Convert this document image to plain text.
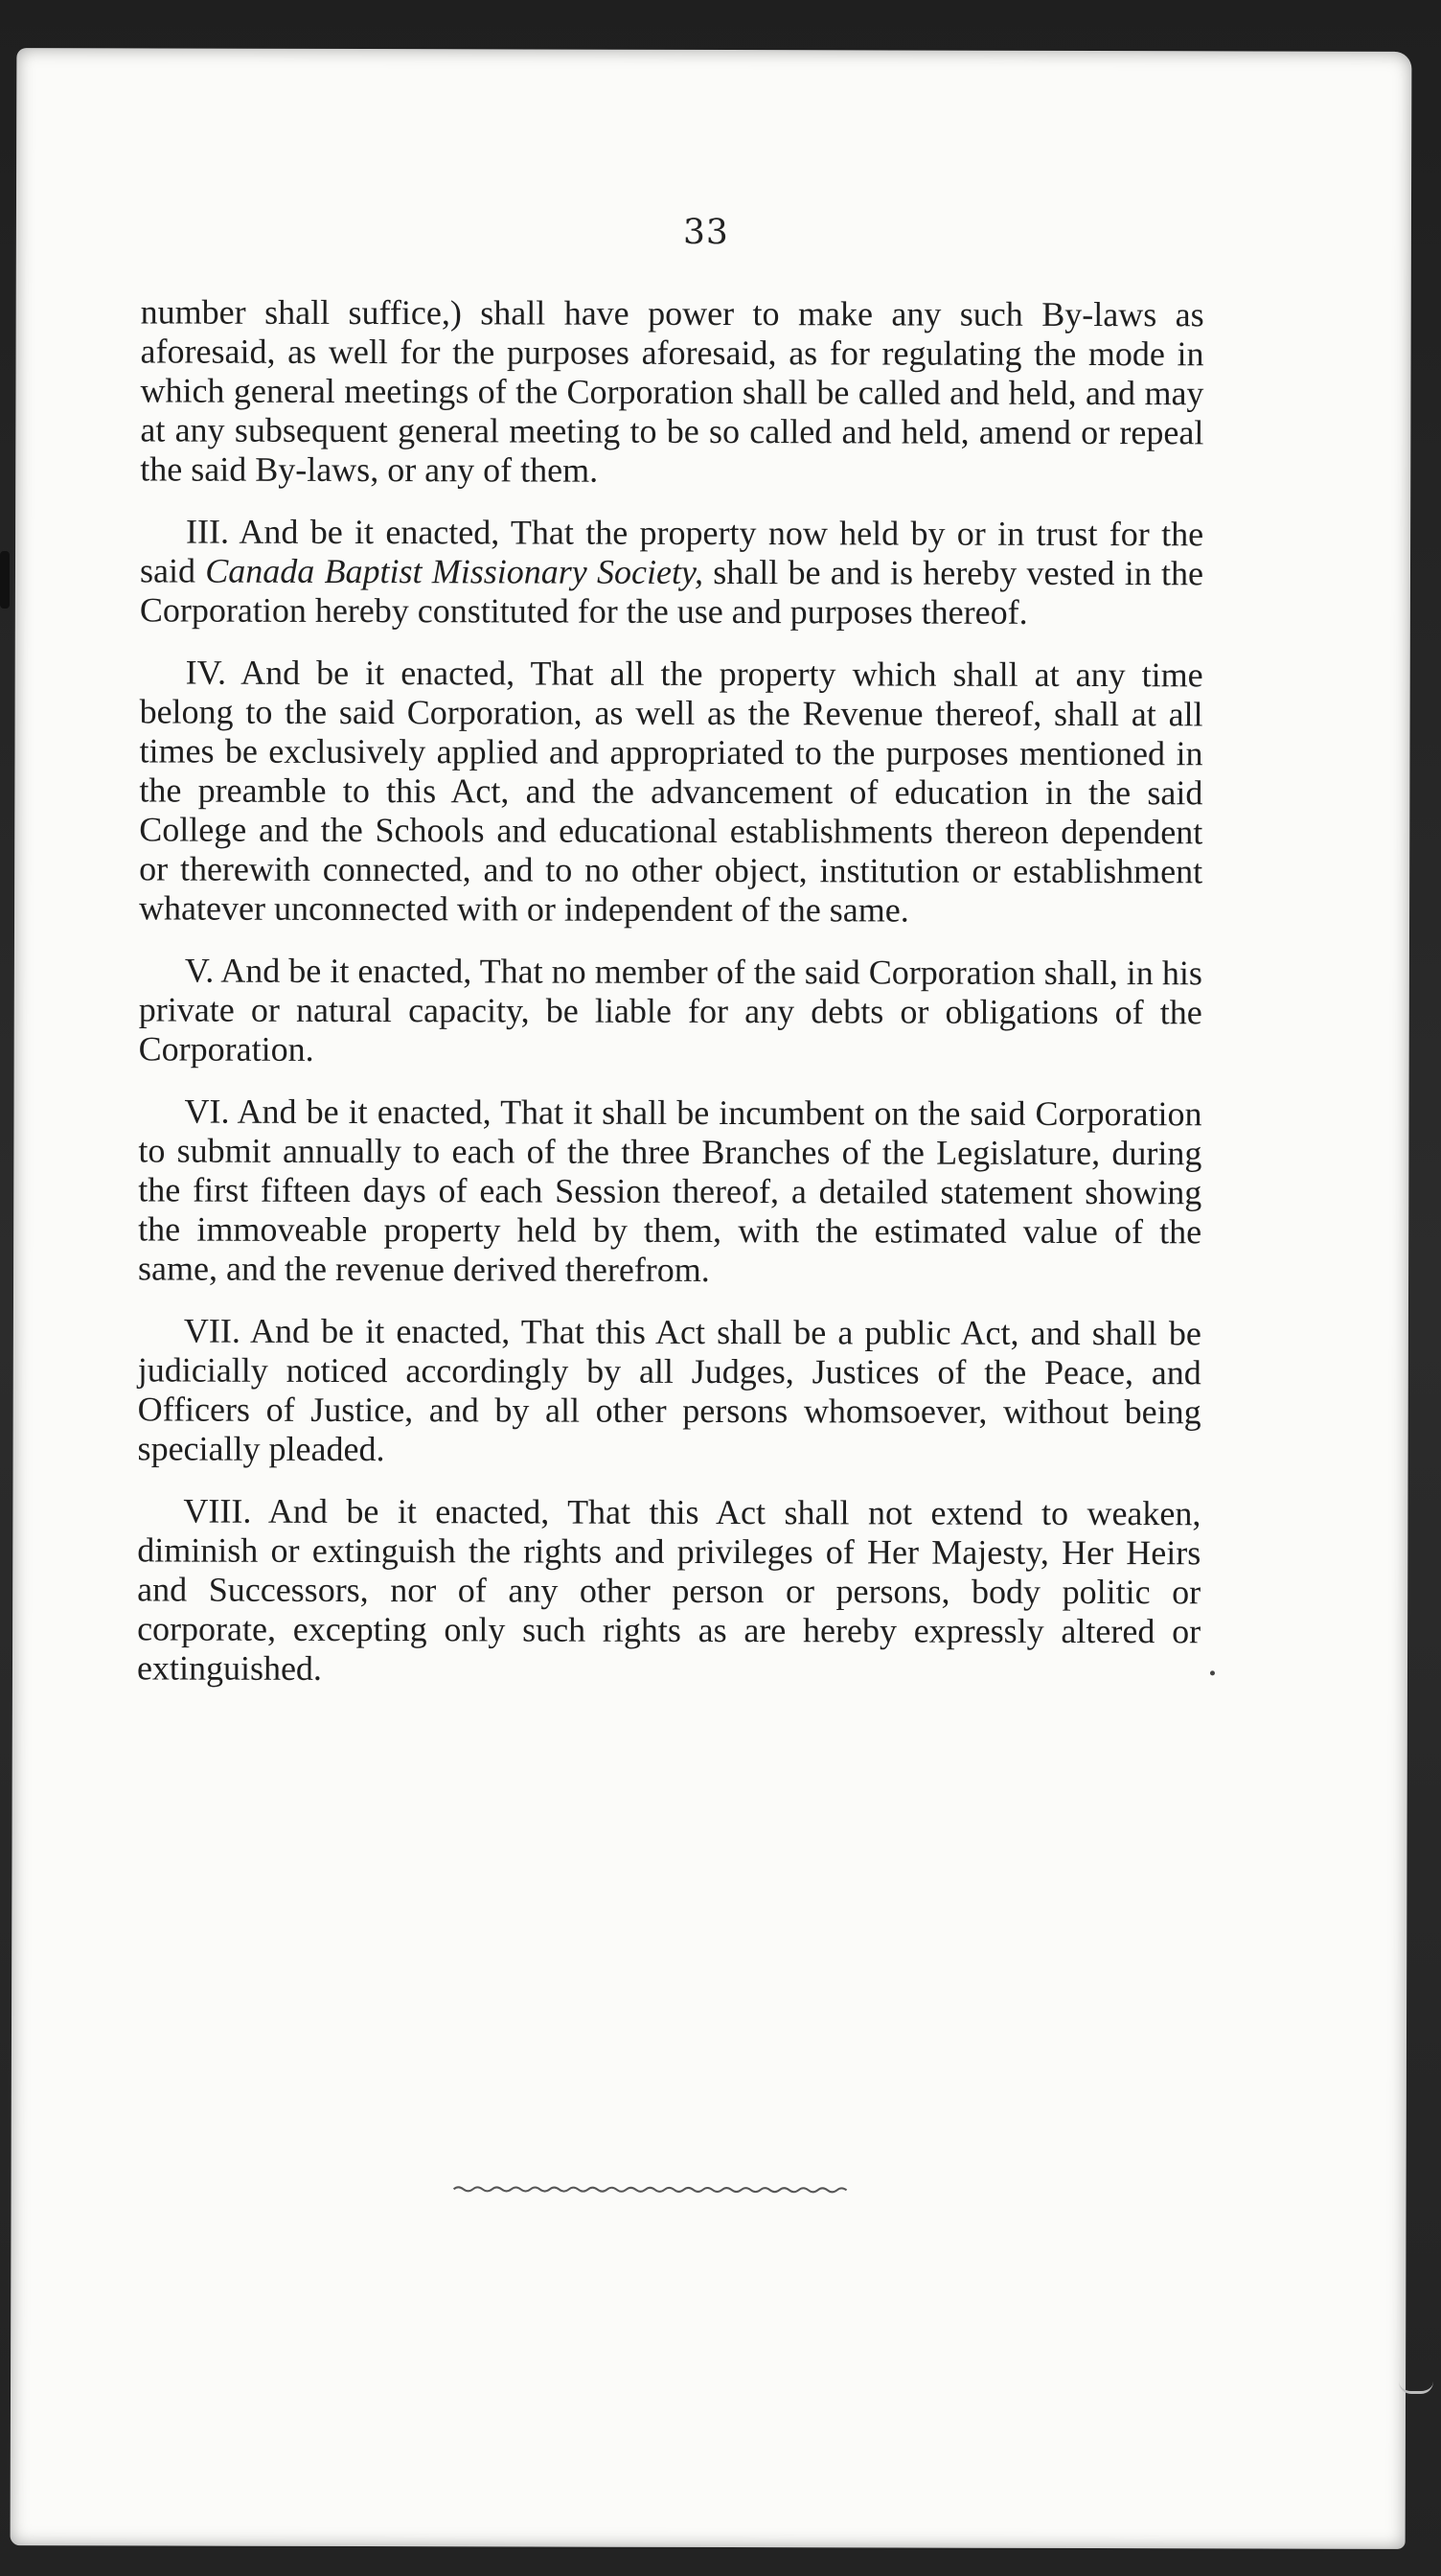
33

number shall suffice,) shall have power to make any such By-laws as aforesaid, as well for the purposes aforesaid, as for regulating the mode in which general meetings of the Corporation shall be called and held, and may at any subsequent general meeting to be so called and held, amend or repeal the said By-laws, or any of them.

III. And be it enacted, That the property now held by or in trust for the said Canada Baptist Missionary Society, shall be and is hereby vested in the Corporation hereby constituted for the use and purposes thereof.

IV. And be it enacted, That all the property which shall at any time belong to the said Corporation, as well as the Revenue thereof, shall at all times be exclusively applied and appropriated to the purposes mentioned in the preamble to this Act, and the advancement of education in the said College and the Schools and educational establishments thereon dependent or therewith connected, and to no other object, institution or establishment whatever unconnected with or independent of the same.

V. And be it enacted, That no member of the said Corporation shall, in his private or natural capacity, be liable for any debts or obligations of the Corporation.

VI. And be it enacted, That it shall be incumbent on the said Corporation to submit annually to each of the three Branches of the Legislature, during the first fifteen days of each Session thereof, a detailed statement showing the immoveable property held by them, with the estimated value of the same, and the revenue derived therefrom.

VII. And be it enacted, That this Act shall be a public Act, and shall be judicially noticed accordingly by all Judges, Justices of the Peace, and Officers of Justice, and by all other persons whomsoever, without being specially pleaded.

VIII. And be it enacted, That this Act shall not extend to weaken, diminish or extinguish the rights and privileges of Her Majesty, Her Heirs and Successors, nor of any other person or persons, body politic or corporate, excepting only such rights as are hereby expressly altered or extinguished.
